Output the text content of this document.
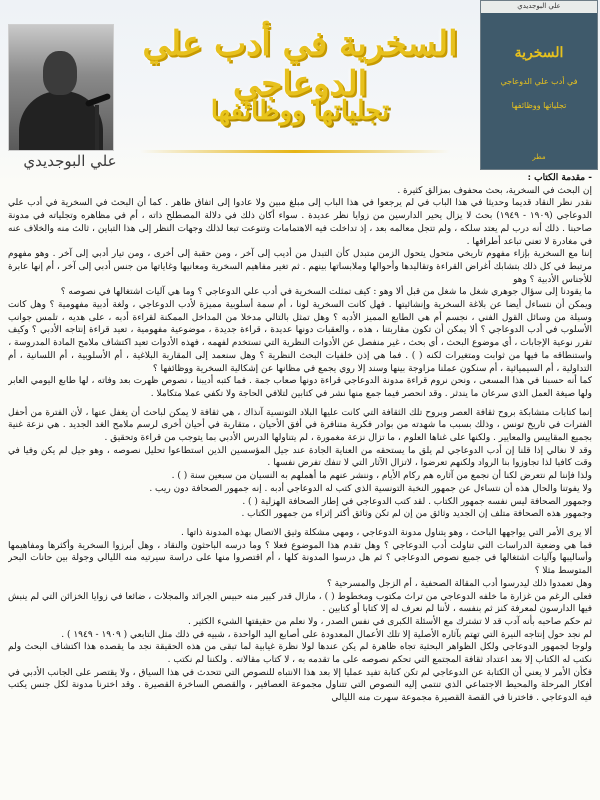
علي البوجديدي
السخرية في أدب علي الدوعاجي
تجلياتها ووظائفها
علي البوجديدي
السخرية
في أدب علي الدوعاجي
تجلياتها ووظائفها
مطر

- مقدمة الكتاب :

إن البحث في السخرية، بحث محفوف بمزالق كثيرة .

نقدر نظر النقاد قديما وحديثا في هذا الباب في لم يرجعوا في هذا الباب إلى مبلغ مبين ولا عادوا إلى اتفاق ظاهر . كما أن البحث في السخرية في أدب علي الدوعاجي (١٩٠٩ - ١٩٤٩) بحث لا يزال يحير الدارسين من زوايا نظر عديدة . سواء أكان ذلك في دلالة المصطلح ذاته ، أم في مظاهره وتجلياته في مدونة صاحبنا . ذلك أنه درب لم يعتد سلكه ، ولم تتجل معالمه بعد ، إذ تداخلت فيه الاهتمامات وتنوعت تبعا لذلك وجهات النظر إلى هذا التباين ، ثالث منه والخلاف عنه في مغادرة لا تعني تباعد أطرافها .

إننا مع السخرية بإزاء مفهوم تاريخي متحول يتحول الزمن متبدل كأن التبدل من أديب إلى آخر ، ومن حقبة إلى أخرى ، ومن تيار أدبي إلى آخر . وهو مفهوم مرتبط في كل ذلك بتشابك أغراض القراءة وتقاليدها وأحوالها وملابساتها بينهم . ثم تغير مفاهيم السخرية ومعانيها وغاياتها من جنس أدبي إلى آخر ، أم إنها عابرة للأجناس الأدبية ؟ وهو

ما يقودنا إلى سؤال جوهري شغل ما شغل من قبل ألا وهو : كيف تمثلت السخرية في أدب علي الدوعاجي ؟ وما هي آليات اشتغالها في نصوصه ؟

ويمكن أن نتساءل أيضا عن بلاغة السخرية وإنشائيتها . فهل كانت السخرية لونا ، أم سمة أسلوبية مميزة لأدب الدوعاجي ، ولغة أدبية مفهومية ؟ وهل كانت وسيلة من وسائل القول الفني ، نجسم أم هي الطابع المميز الأدبه ؟ وهل تمثل بالتالي مدخلا من المداخل الممكنة لقراءة أدبه ، على هديه ، تلمس جوانب الأسلوب في أدب الدوعاجي ؟ ألا يمكن أن تكون مقاربتنا ، هذه ، والعقبات دونها عديدة ، قراءة جديدة ، موضوعية مفهومية ، تعيد قراءة إنتاجه الأدبي ؟ وكيف تقرر نوعية الإجابات ، أي موضوع البحث ، أي بحث ، غير منفصل عن الأدوات النظرية التي تستخدم لفهمه ، فهذه الأدوات تعيد اكتشاف ملامح المادة المدروسة ،

واستنطاقه ما فيها من ثوابت ومتغيرات لكنه ( ) . فما هي إذن خلفيات البحث النظرية ؟ وهل سنعمد إلى المقاربة البلاغية ، أم الأسلوبية ، أم اللسانية ، أم التداولية ، أم السيميائية ، أم سنكون عملنا مزاوجة بينها وسند إلا روي يجمع في مظانها عن إشكالية السخرية ووظائفها ؟

كما أنه حسبنا في هذا المسعى ، ونحن نروم قراءة مدونة الدوعاجي قراءة دونها صعاب جمة . فما كتبه أديبنا ، نصوص ظهرت بعد وفاته ، لها طابع اليومي العابر ولها صيغة العمل الذي سرعان ما يندثر . وقد انحصر فيما جمع منها نشر في كتابين لتلافي الحاجة ولا تكفي عملا متكاملا .

إنما كتابات متشابكة بروح ثقافة العصر وبروح تلك الثقافة التي كانت عليها البلاد التونسية آنذاك ، هي ثقافة لا يمكن لباحث أن يغفل عنها ، لأن الفترة من أحفل الفترات في تاريخ تونس ، وذلك بسبب ما شهدته من بوادر فكرية متنافرة في أفق الأحيان ، متقاربة في أحيان أخرى لرسم ملامح الغد الجديد . هي نزعة غنية بجميع المقاييس والمعايير . ولكنها على غناها العلوم ، ما تزال نزعة مغمورة ، لم يتناولها الدرس الأدبي بما يتوجب من قراءة وتحقيق .

وقد لا نغالي إذا قلنا إن أدب الدوعاجي لم يلق ما يستحقه من العناية الجادة عند جيل المؤسسين الذين استطاعوا تحليل نصوصه ، وهو جيل لم يكن وفيا في وقت كافيا لذا تجاوزوا بنا الرواد ولكنهم تعرضوا ، لاتزال الآثار التي لا تنفك تفرض نفسها .

ولذا فإننا لم نتعرض لكنا أن نجمع من آثاره هم ركام الأيام ، وننشر عنهم ما أهملهم به النسيان من سبعين سنة ( ) .

ولا يفوتنا والحال هذه أن نتساءل عن جمهور النخبة التونسية الذي كتب له الدوعاجي أدبه . إنه جمهور الصحافة دون ريب .

وجمهور الصحافة ليس نفسه جمهور الكتاب . لقد كتب الدوعاجي في إطار الصحافة الهزلية ( ) .

وجمهور هذه الصحافة متلف إن الجديد وثائق من إن لم تكن وثائق أكثر إثراء من جمهور الكتاب .

ألا يرى الأمر التي يواجهها الباحث ، وهو يتناول مدونة الدوعاجي ، ومهي مشكلة وثيق الاتصال بهذه المدونة ذاتها .

فما هي وضعية الدراسات التي تناولت أدب الدوعاجي ؟ وهل تقدم هذا الموضوع فعلا ؟ وما درسه الباحثون والنقاد ، وهل أبرزوا السخرية وأكثرها ومفاهيمها وأساليبها وآليات اشتغالها في جميع نصوص الدوعاجي ؟ ثم هل درسوا المدونة كلها ، أم اقتصروا منها على دراسة سيرتيه منه الليالي وجولة بين حانات البحر المتوسط مثلا ؟

وهل تعمدوا ذلك ليدرسوا أدب المقالة الصحفية ، أم الزجل والمسرحية ؟

فعلى الرغم من غزارة ما خلفه الدوعاجي من تراث مكتوب ومخطوط ( ) ، مازال قدر كبير منه حبيس الجرائد والمجلات ، ضائعا في زوايا الخزائن التي لم ينبش فيها الدارسون لمعرفة كنز ثم بنفسه ، لأننا لم نعرف له إلا كتابا أو كتابين .

ثم حكم صاحبه بأنه آدب قد لا تشترك مع الأسئلة الكبرى في نفس الصدر ، ولا نعلم من حقيقتها الشيء الكثير .

لم نجد حول إنتاجه النيرة التي تهتم بآثاره الأصلية إلا تلك الأعمال المعدودة على أصابع اليد الواحدة ، شبيه في ذلك مثل التابعي ( ١٩٠٩ - ١٩٤٩ ) .

ولوجا لجمهور الدوعاجي ولكل الظواهر البحثية تجاه ظاهرة لم يكن عندها لولا نظرة غيابية لما تبقى من هذه الحقيقة نجد ما يقصده هذا اكتشاف البحث ولم نكتب له الكتاب إلا بعد اعتداد ثقافة المجتمع التي تحكم نصوصه على ما تقدمه به ، لا كتاب مقالاته . ولكننا لم نكتب .

فكأن الأمر لا يعني أن الكتابة عن الدوعاجي لم تكن كتابة تفيد عمليا إلا بعد هذا الانتباه للنصوص التي تتحدث في هذا السياق ، ولا يقتصر على الجانب الأدبي في أفكار المرحلة والمحيط الاجتماعي الذي تنتمي إليه النصوص التي تتناول مجموعة العصافير ، والقصص الساخرة القصيرة . وقد اخترنا مدونة لكل جنس يكتب فيه الدوعاجي . فاخترنا في القصة القصيرة مجموعة سهرت منه الليالي
